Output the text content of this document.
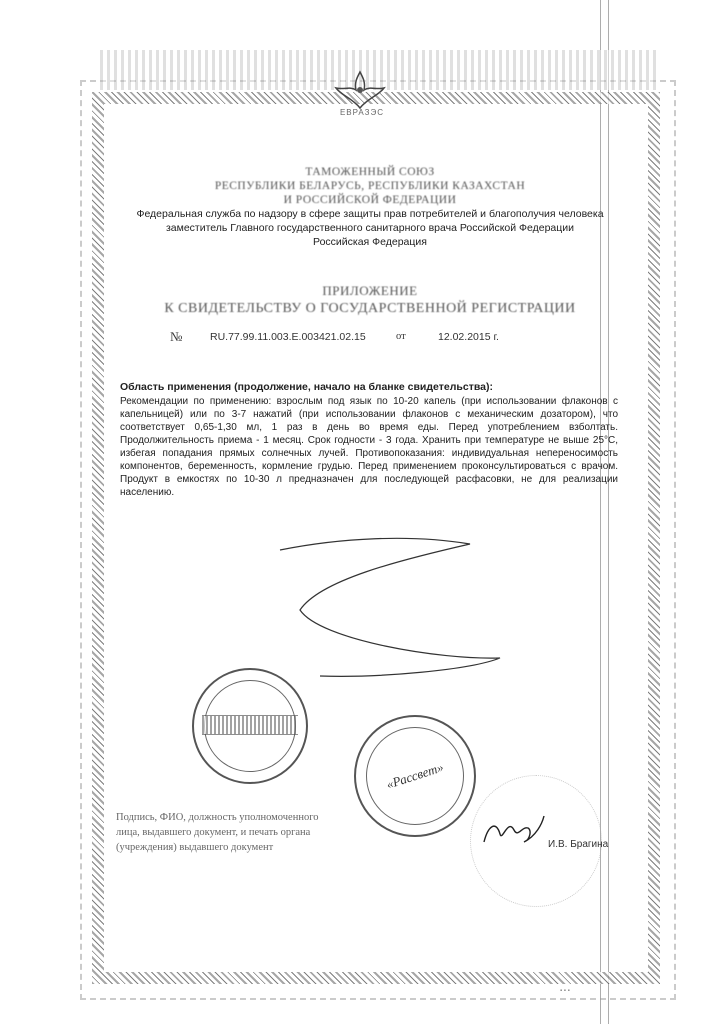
ЕВРАЗЭС
ТАМОЖЕННЫЙ СОЮЗ
РЕСПУБЛИКИ БЕЛАРУСЬ, РЕСПУБЛИКИ КАЗАХСТАН
И РОССИЙСКОЙ ФЕДЕРАЦИИ
Федеральная служба по надзору в сфере защиты прав потребителей и благополучия человека
заместитель Главного государственного санитарного врача Российской Федерации
Российская Федерация
ПРИЛОЖЕНИЕ
К СВИДЕТЕЛЬСТВУ О ГОСУДАРСТВЕННОЙ РЕГИСТРАЦИИ
№	RU.77.99.11.003.Е.003421.02.15	от	12.02.2015 г.
Область применения (продолжение, начало на бланке свидетельства):
Рекомендации по применению: взрослым под язык по 10-20 капель (при использовании флаконов с капельницей) или по 3-7 нажатий (при использовании флаконов с механическим дозатором), что соответствует 0,65-1,30 мл, 1 раз в день во время еды. Перед употреблением взболтать. Продолжительность приема - 1 месяц. Срок годности - 3 года. Хранить при температуре не выше 25°С, избегая попадания прямых солнечных лучей. Противопоказания: индивидуальная непереносимость компонентов, беременность, кормление грудью. Перед применением проконсультироваться с врачом. Продукт в емкостях по 10-30 л предназначен для последующей расфасовки, не для реализации населению.
«Рассвет»
Подпись, ФИО, должность уполномоченного
лица, выдавшего документ, и печать органа
(учреждения) выдавшего документ	И.В. Брагина
▪ ▪ ▪
